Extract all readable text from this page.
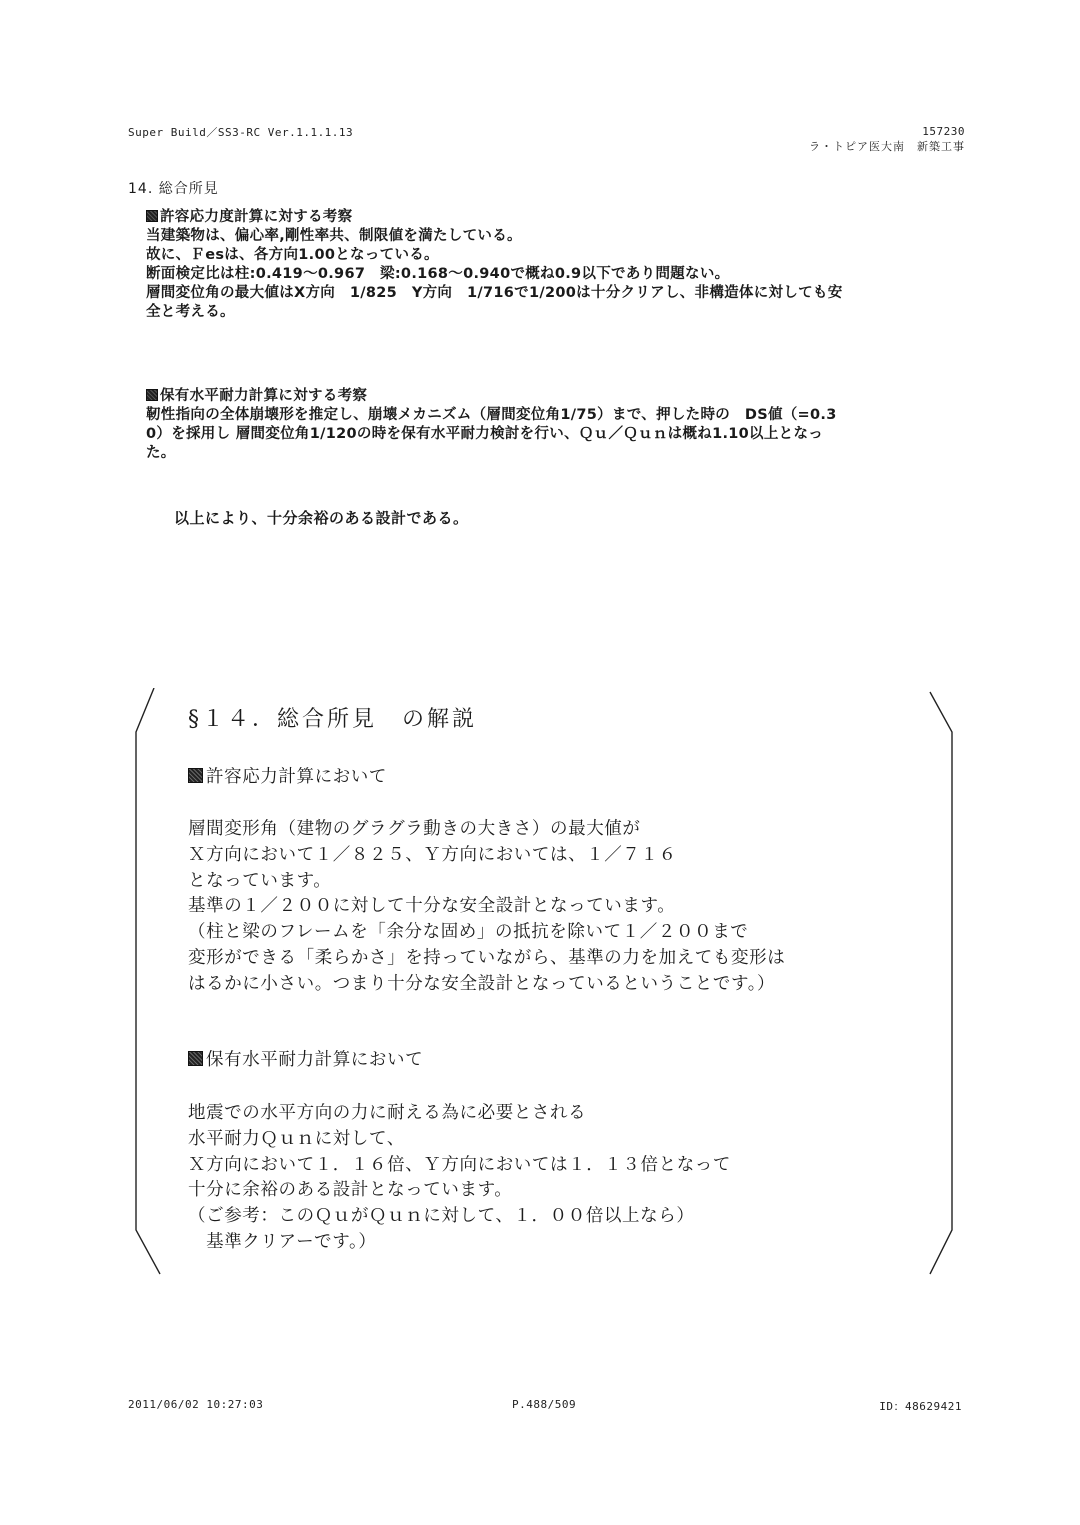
Super Build／SS3-RC Ver.1.1.1.13	157230
ラ・トピア医大南　新築工事
14. 総合所見
許容応力度計算に対する考察
当建築物は、偏心率,剛性率共、制限値を満たしている。
故に、Ｆesは、各方向1.00となっている。
断面検定比は柱:0.419～0.967　梁:0.168～0.940で概ね0.9以下であり問題ない。
層間変位角の最大値はX方向　1/825　Y方向　1/716で1/200は十分クリアし、非構造体に対しても安
全と考える。
保有水平耐力計算に対する考察
靭性指向の全体崩壊形を推定し、崩壊メカニズム（層間変位角1/75）まで、押した時の　DS値（=0.3
0）を採用し 層間変位角1/120の時を保有水平耐力検討を行い、Ｑｕ／Ｑｕｎは概ね1.10以上となっ
た。
以上により、十分余裕のある設計である。
§１４．総合所見　の解説
許容応力計算において
層間変形角（建物のグラグラ動きの大きさ）の最大値が
Ｘ方向において１／８２５、Ｙ方向においては、１／７１６
となっています。
基準の１／２００に対して十分な安全設計となっています。
（柱と梁のフレームを「余分な固め」の抵抗を除いて１／２００まで
変形ができる「柔らかさ」を持っていながら、基準の力を加えても変形は
はるかに小さい。つまり十分な安全設計となっているということです。）
保有水平耐力計算において
地震での水平方向の力に耐える為に必要とされる
水平耐力Ｑｕｎに対して、
Ｘ方向において１．１６倍、Ｙ方向においては１．１３倍となって
十分に余裕のある設計となっています。
（ご参考：このＱｕがＱｕｎに対して、１．００倍以上なら）
　基準クリアーです。）
2011/06/02 10:27:03	P.488/509	ID：48629421
